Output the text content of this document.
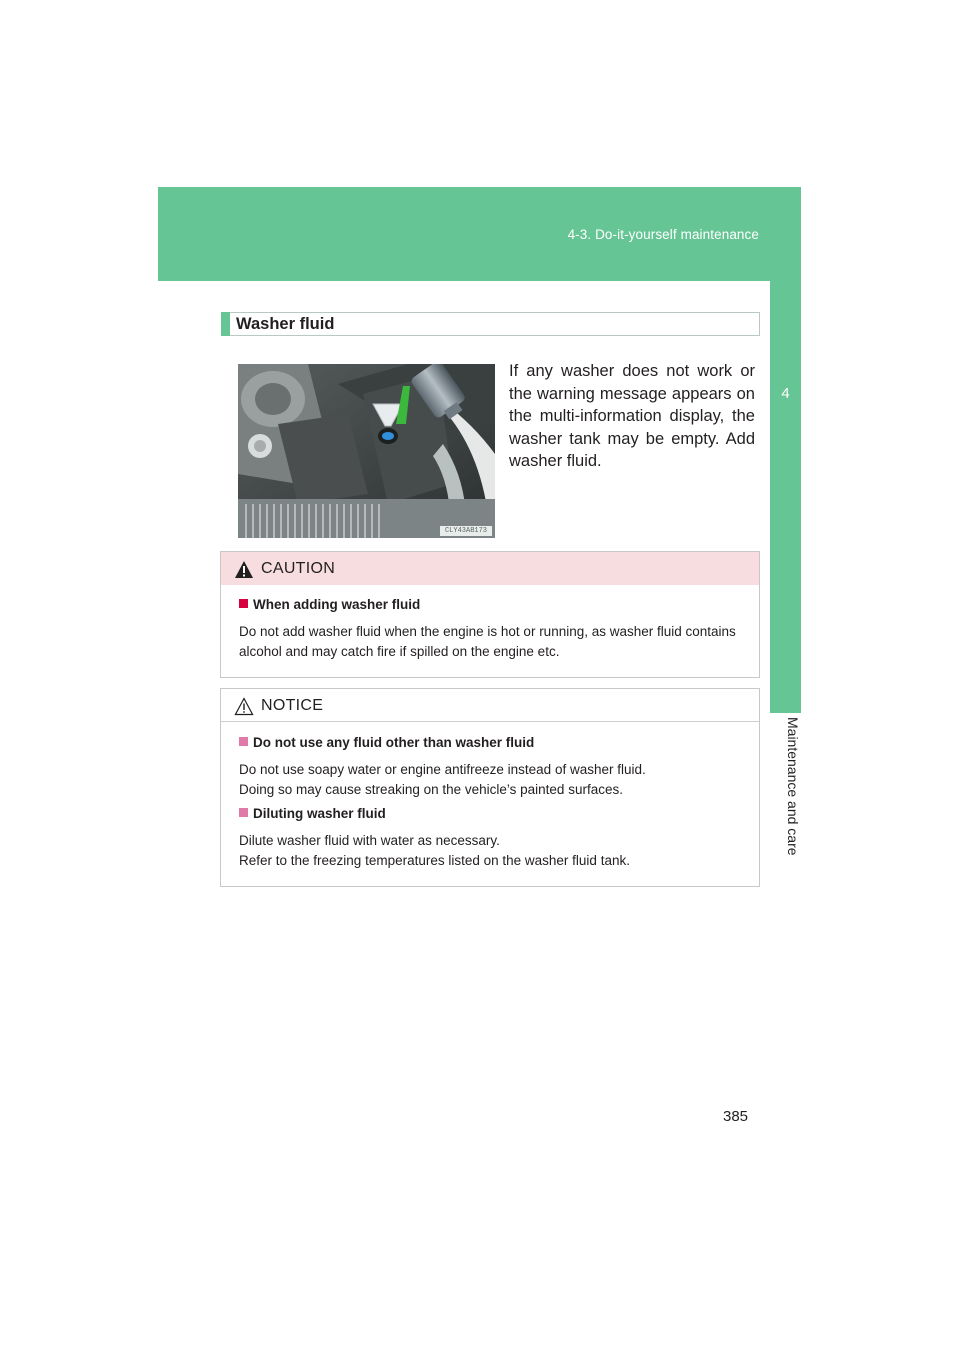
4-3. Do-it-yourself maintenance
4
Maintenance and care
Washer fluid
CLY43AB173
If any washer does not work or the warning message appears on the multi-information display, the washer tank may be empty. Add washer fluid.
CAUTION
When adding washer fluid

Do not add washer fluid when the engine is hot or running, as washer fluid contains alcohol and may catch fire if spilled on the engine etc.

NOTICE
Do not use any fluid other than washer fluid

Do not use soapy water or engine antifreeze instead of washer fluid.

Doing so may cause streaking on the vehicle’s painted surfaces.

Diluting washer fluid

Dilute washer fluid with water as necessary.

Refer to the freezing temperatures listed on the washer fluid tank.

385
